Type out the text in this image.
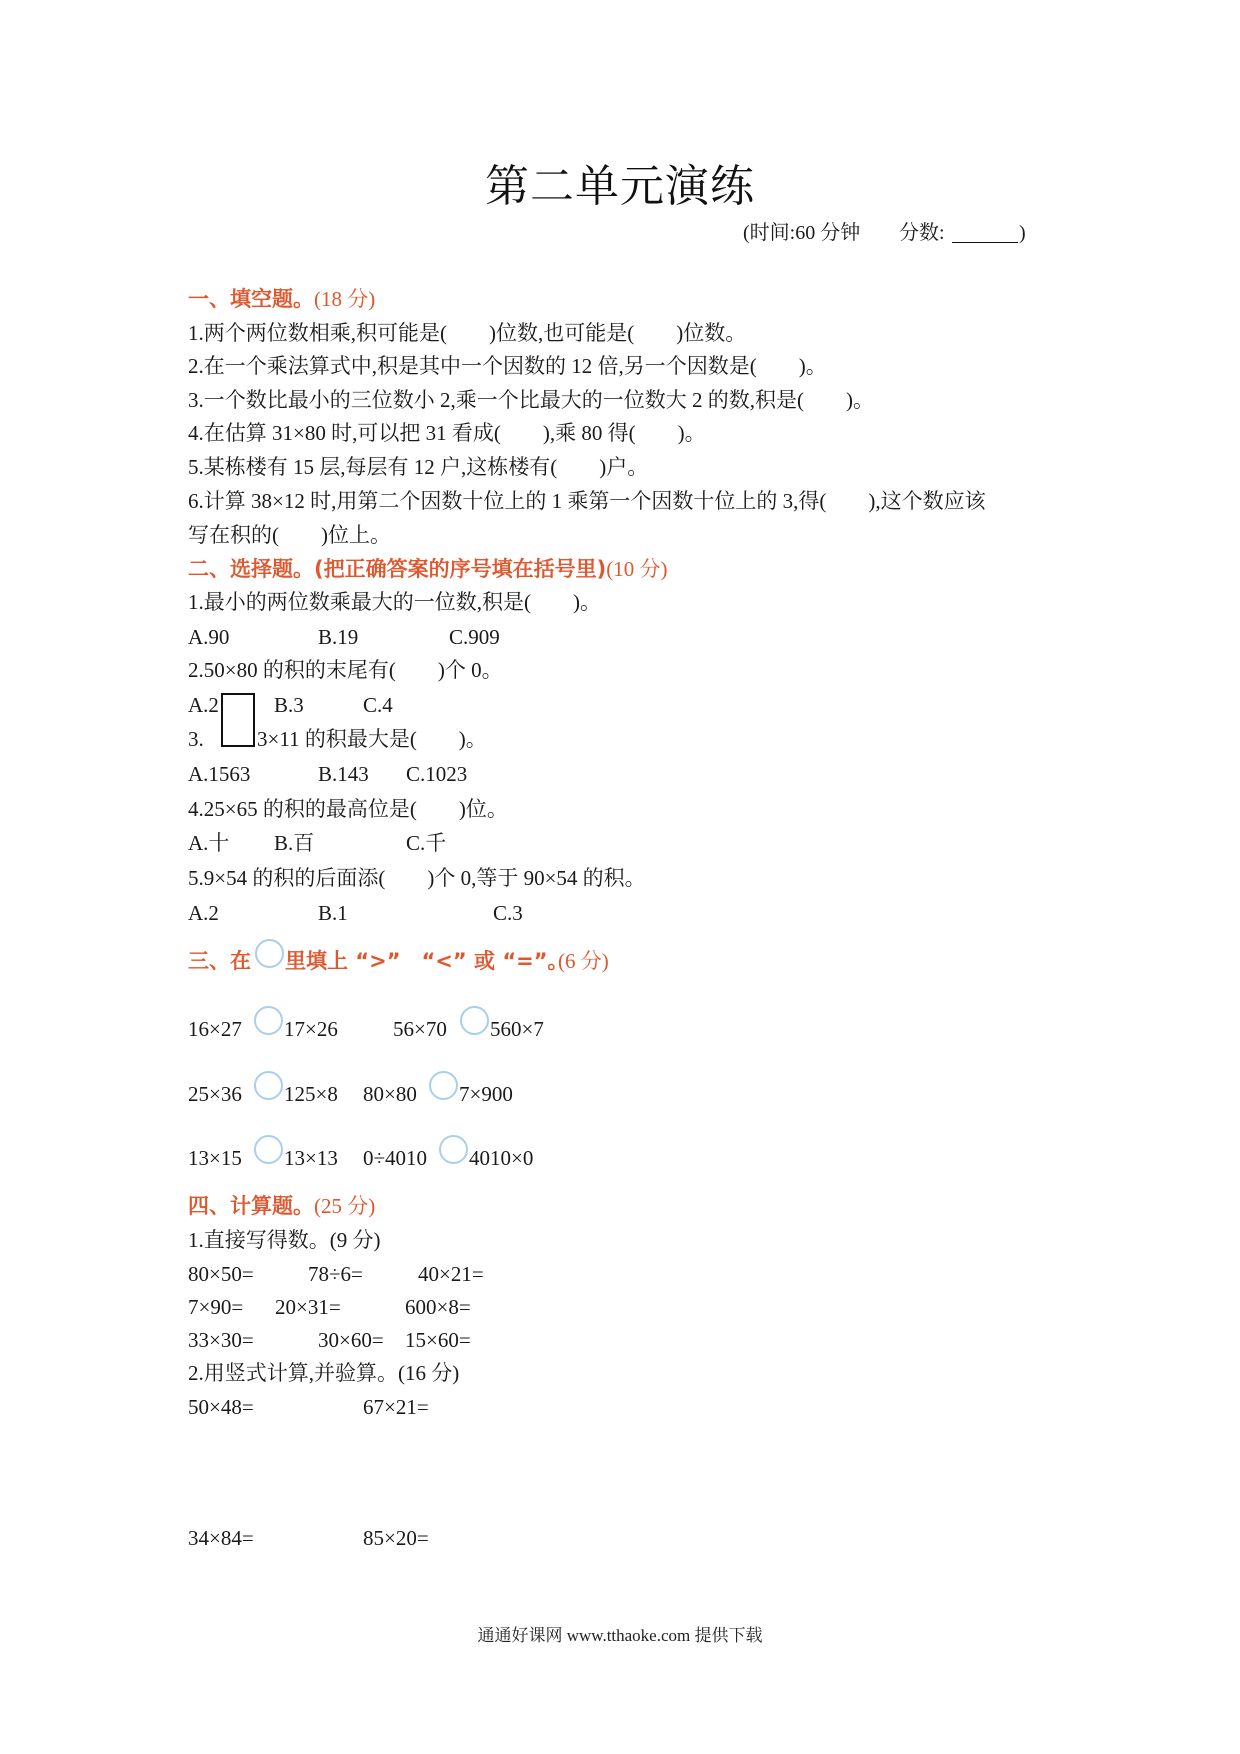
第二单元演练
(时间:60 分钟 分数:	)
一、填空题。(18 分)
1.两个两位数相乘,积可能是(　　)位数,也可能是(　　)位数。
2.在一个乘法算式中,积是其中一个因数的 12 倍,另一个因数是(　　)。
3.一个数比最小的三位数小 2,乘一个比最大的一位数大 2 的数,积是(　　)。
4.在估算 31×80 时,可以把 31 看成(　　),乘 80 得(　　)。
5.某栋楼有 15 层,每层有 12 户,这栋楼有(　　)户。
6.计算 38×12 时,用第二个因数十位上的 1 乘第一个因数十位上的 3,得(　　),这个数应该
写在积的(　　)位上。
二、选择题。(把正确答案的序号填在括号里)(10 分)
1.最小的两位数乘最大的一位数,积是(　　)。
A.90	B.19	C.909
2.50×80 的积的末尾有(　　)个 0。
A.2	B.3	C.4
3.	3×11 的积最大是(　　)。
A.1563	B.143 C.1023
4.25×65 的积的最高位是(　　)位。
A.十 B.百	C.千
5.9×54 的积的后面添(　　)个 0,等于 90×54 的积。
A.2	B.1	C.3
三、在 里填上 “>”　“<” 或 “=”。
(6 分)
16×27 17×26	56×70 560×7
25×36 125×8 80×80 7×900
13×15 13×13 0÷4010 4010×0
四、计算题。(25 分)
1.直接写得数。(9 分)
80×50=	78÷6=	40×21=
7×90= 20×31=	600×8=
33×30=	30×60= 15×60=
2.用竖式计算,并验算。(16 分)
50×48=	67×21=
34×84=	85×20=
通通好课网 www.tthaoke.com 提供下载
